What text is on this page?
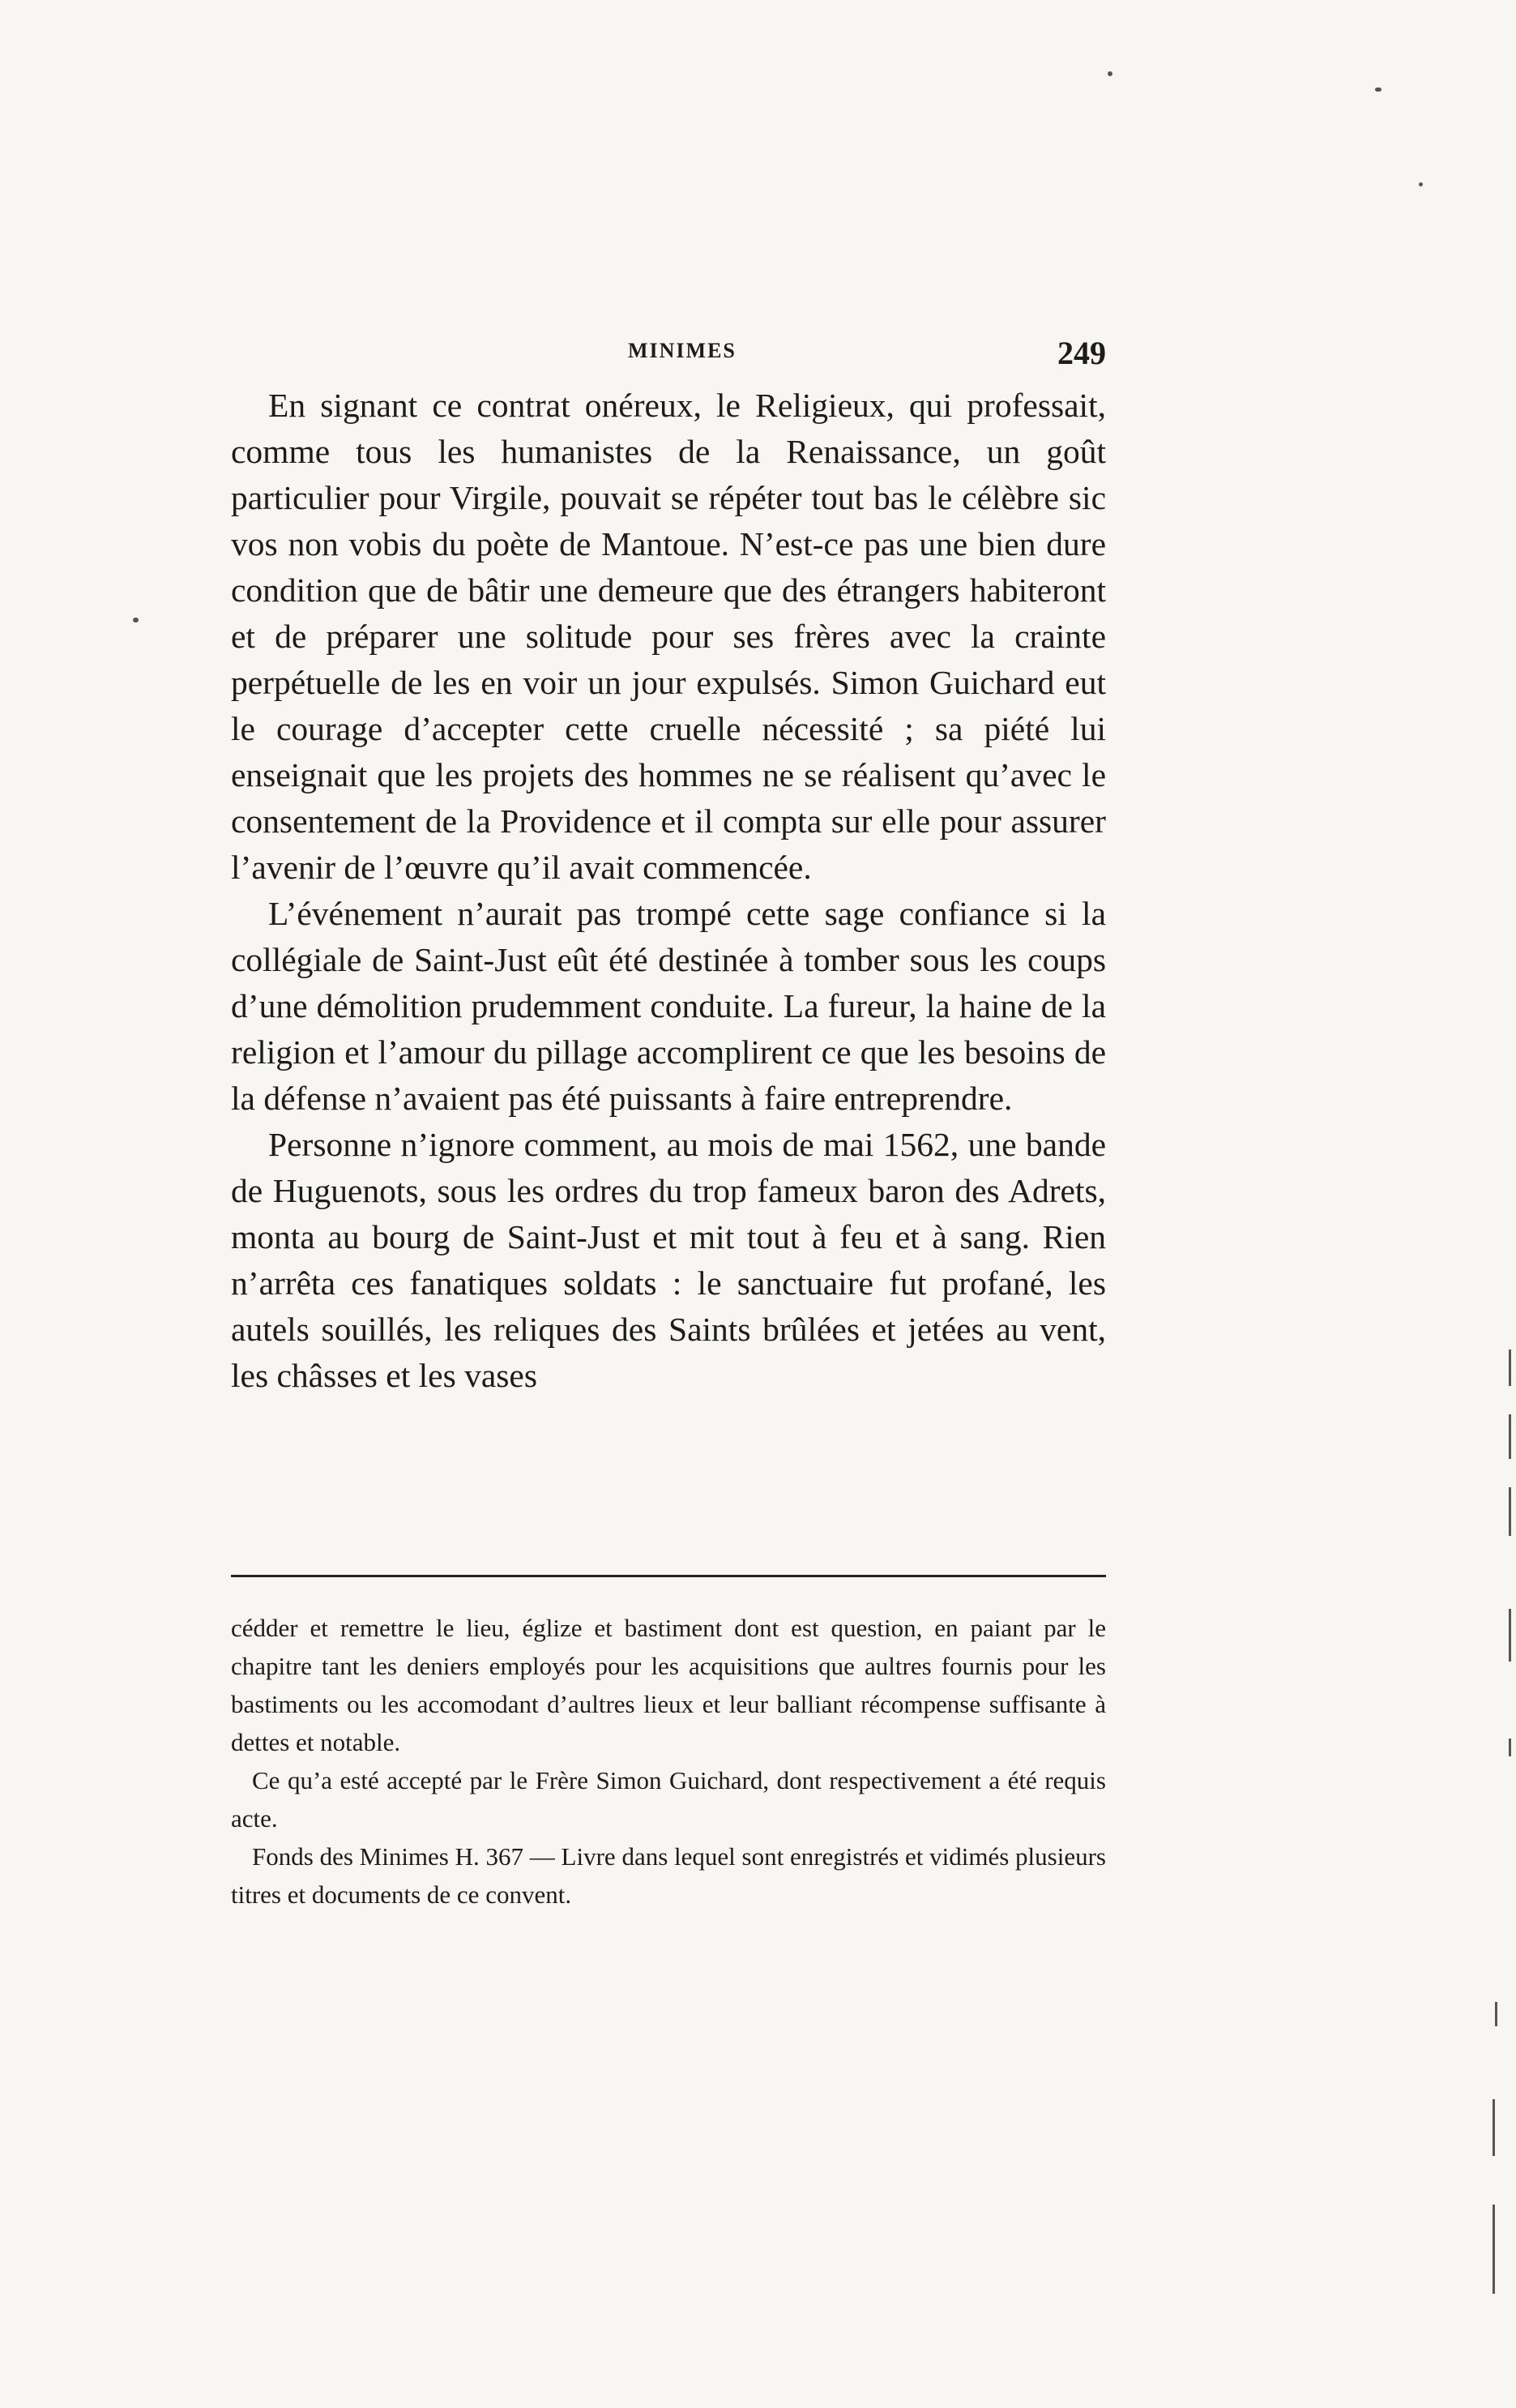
MINIMES	249

En signant ce contrat onéreux, le Religieux, qui professait, comme tous les humanistes de la Renaissance, un goût particulier pour Virgile, pouvait se répéter tout bas le célèbre sic vos non vobis du poète de Mantoue. N’est-ce pas une bien dure condition que de bâtir une demeure que des étrangers habiteront et de préparer une solitude pour ses frères avec la crainte perpétuelle de les en voir un jour expulsés. Simon Guichard eut le courage d’accepter cette cruelle nécessité ; sa piété lui enseignait que les projets des hommes ne se réalisent qu’avec le consentement de la Providence et il compta sur elle pour assurer l’avenir de l’œuvre qu’il avait commencée.

L’événement n’aurait pas trompé cette sage confiance si la collégiale de Saint-Just eût été destinée à tomber sous les coups d’une démolition prudemment conduite. La fureur, la haine de la religion et l’amour du pillage accomplirent ce que les besoins de la défense n’avaient pas été puissants à faire entreprendre.

Personne n’ignore comment, au mois de mai 1562, une bande de Huguenots, sous les ordres du trop fameux baron des Adrets, monta au bourg de Saint-Just et mit tout à feu et à sang. Rien n’arrêta ces fanatiques soldats : le sanctuaire fut profané, les autels souillés, les reliques des Saints brûlées et jetées au vent, les châsses et les vases

cédder et remettre le lieu, églize et bastiment dont est question, en paiant par le chapitre tant les deniers employés pour les acquisitions que aultres fournis pour les bastiments ou les accomodant d’aultres lieux et leur balliant récompense suffisante à dettes et notable.

Ce qu’a esté accepté par le Frère Simon Guichard, dont respectivement a été requis acte.

Fonds des Minimes H. 367 — Livre dans lequel sont enregistrés et vidimés plusieurs titres et documents de ce convent.
